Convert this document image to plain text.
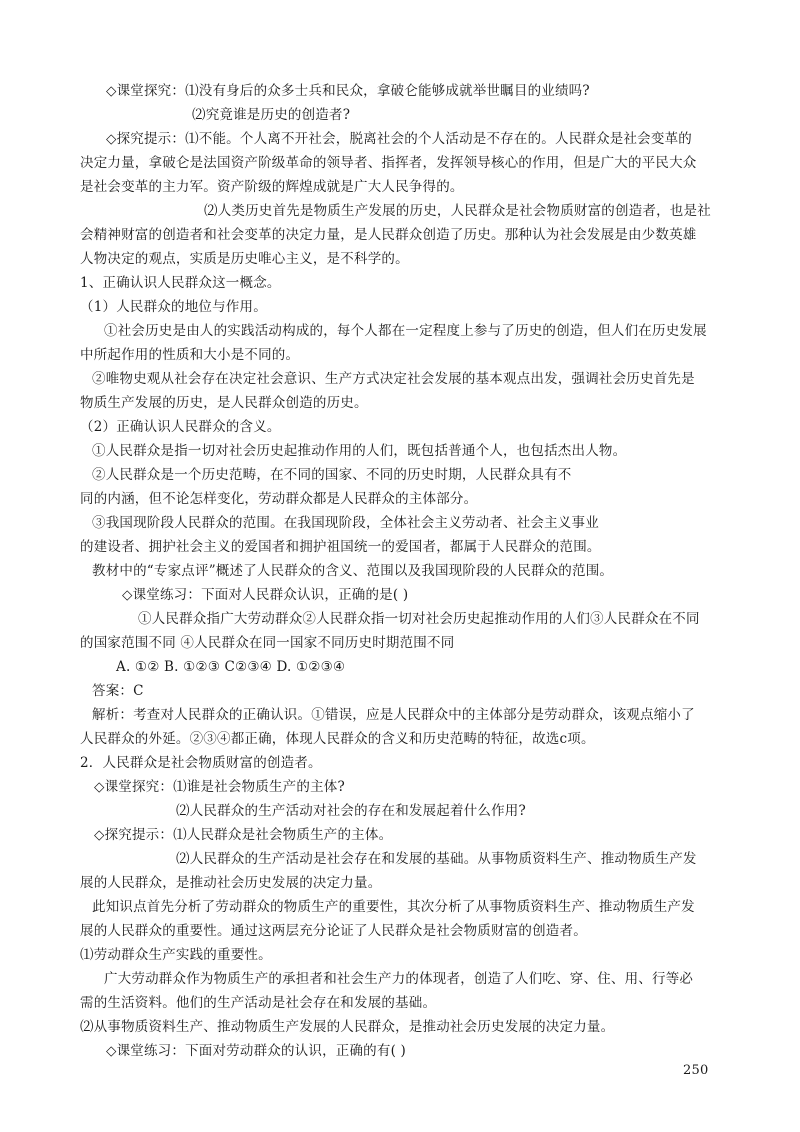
◇课堂探究：⑴没有身后的众多士兵和民众，拿破仑能够成就举世瞩目的业绩吗?
⑵究竟谁是历史的创造者?
◇探究提示：⑴不能。个人离不开社会，脱离社会的个人活动是不存在的。人民群众是社会变革的
决定力量，拿破仑是法国资产阶级革命的领导者、指挥者，发挥领导核心的作用，但是广大的平民大众
是社会变革的主力军。资产阶级的辉煌成就是广大人民争得的。
⑵人类历史首先是物质生产发展的历史，人民群众是社会物质财富的创造者，也是社
会精神财富的创造者和社会变革的决定力量，是人民群众创造了历史。那种认为社会发展是由少数英雄
人物决定的观点，实质是历史唯心主义，是不科学的。
1、正确认识人民群众这一概念。
（1）人民群众的地位与作用。
①社会历史是由人的实践活动构成的，每个人都在一定程度上参与了历史的创造，但人们在历史发展
中所起作用的性质和大小是不同的。
②唯物史观从社会存在决定社会意识、生产方式决定社会发展的基本观点出发，强调社会历史首先是
物质生产发展的历史，是人民群众创造的历史。
（2）正确认识人民群众的含义。
①人民群众是指一切对社会历史起推动作用的人们，既包括普通个人，也包括杰出人物。
②人民群众是一个历史范畴，在不同的国家、不同的历史时期，人民群众具有不
同的内涵，但不论怎样变化，劳动群众都是人民群众的主体部分。
③我国现阶段人民群众的范围。在我国现阶段，全体社会主义劳动者、社会主义事业
的建设者、拥护社会主义的爱国者和拥护祖国统一的爱国者，都属于人民群众的范围。
教材中的“专家点评”概述了人民群众的含义、范围以及我国现阶段的人民群众的范围。
◇课堂练习：下面对人民群众认识，正确的是( )
①人民群众指广大劳动群众②人民群众指一切对社会历史起推动作用的人们③人民群众在不同
的国家范围不同 ④人民群众在同一国家不同历史时期范围不同
A. ①② B. ①②③ C②③④ D. ①②③④
答案：C
解析：考查对人民群众的正确认识。①错误，应是人民群众中的主体部分是劳动群众，该观点缩小了
人民群众的外延。②③④都正确，体现人民群众的含义和历史范畴的特征，故选c项。
2．人民群众是社会物质财富的创造者。
◇课堂探究：⑴谁是社会物质生产的主体?
⑵人民群众的生产活动对社会的存在和发展起着什么作用?
◇探究提示：⑴人民群众是社会物质生产的主体。
⑵人民群众的生产活动是社会存在和发展的基础。从事物质资料生产、推动物质生产发
展的人民群众，是推动社会历史发展的决定力量。
此知识点首先分析了劳动群众的物质生产的重要性，其次分析了从事物质资料生产、推动物质生产发
展的人民群众的重要性。通过这两层充分论证了人民群众是社会物质财富的创造者。
⑴劳动群众生产实践的重要性。
广大劳动群众作为物质生产的承担者和社会生产力的体现者，创造了人们吃、穿、住、用、行等必
需的生活资料。他们的生产活动是社会存在和发展的基础。
⑵从事物质资料生产、推动物质生产发展的人民群众，是推动社会历史发展的决定力量。
◇课堂练习：下面对劳动群众的认识，正确的有( )
250
